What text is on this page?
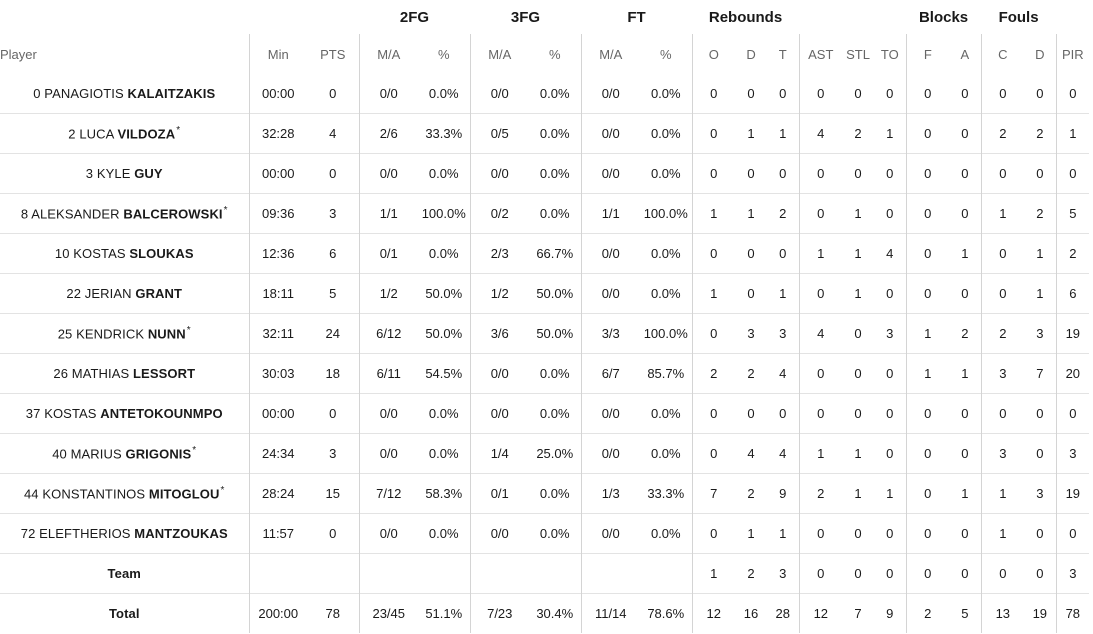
			2FG		3FG		FT		Rebounds						Blocks		Fouls		
Player	Min	PTS	M/A	%	M/A	%	M/A	%	O	D	T	AST	STL	TO	F	A	C	D	PIR
0 PANAGIOTIS KALAITZAKIS	00:00	0	0/0	0.0%	0/0	0.0%	0/0	0.0%	0	0	0	0	0	0	0	0	0	0	0
2 LUCA VILDOZA*	32:28	4	2/6	33.3%	0/5	0.0%	0/0	0.0%	0	1	1	4	2	1	0	0	2	2	1
3 KYLE GUY	00:00	0	0/0	0.0%	0/0	0.0%	0/0	0.0%	0	0	0	0	0	0	0	0	0	0	0
8 ALEKSANDER BALCEROWSKI*	09:36	3	1/1	100.0%	0/2	0.0%	1/1	100.0%	1	1	2	0	1	0	0	0	1	2	5
10 KOSTAS SLOUKAS	12:36	6	0/1	0.0%	2/3	66.7%	0/0	0.0%	0	0	0	1	1	4	0	1	0	1	2
22 JERIAN GRANT	18:11	5	1/2	50.0%	1/2	50.0%	0/0	0.0%	1	0	1	0	1	0	0	0	0	1	6
25 KENDRICK NUNN*	32:11	24	6/12	50.0%	3/6	50.0%	3/3	100.0%	0	3	3	4	0	3	1	2	2	3	19
26 MATHIAS LESSORT	30:03	18	6/11	54.5%	0/0	0.0%	6/7	85.7%	2	2	4	0	0	0	1	1	3	7	20
37 KOSTAS ANTETOKOUNMPO	00:00	0	0/0	0.0%	0/0	0.0%	0/0	0.0%	0	0	0	0	0	0	0	0	0	0	0
40 MARIUS GRIGONIS*	24:34	3	0/0	0.0%	1/4	25.0%	0/0	0.0%	0	4	4	1	1	0	0	0	3	0	3
44 KONSTANTINOS MITOGLOU*	28:24	15	7/12	58.3%	0/1	0.0%	1/3	33.3%	7	2	9	2	1	1	0	1	1	3	19
72 ELEFTHERIOS MANTZOUKAS	11:57	0	0/0	0.0%	0/0	0.0%	0/0	0.0%	0	1	1	0	0	0	0	0	1	0	0
Team									1	2	3	0	0	0	0	0	0	0	3
Total	200:00	78	23/45	51.1%	7/23	30.4%	11/14	78.6%	12	16	28	12	7	9	2	5	13	19	78
